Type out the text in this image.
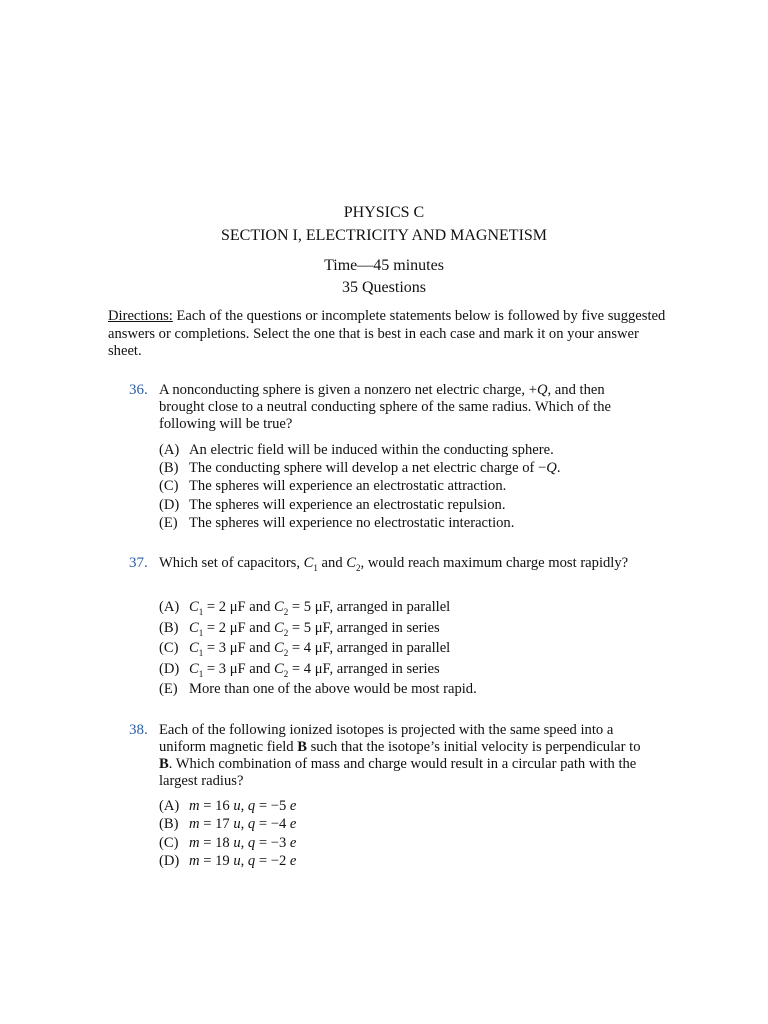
PHYSICS C
SECTION I, ELECTRICITY AND MAGNETISM
Time—45 minutes
35 Questions
Directions: Each of the questions or incomplete statements below is followed by five suggested answers or completions. Select the one that is best in each case and mark it on your answer sheet.
36. A nonconducting sphere is given a nonzero net electric charge, +Q, and then brought close to a neutral conducting sphere of the same radius. Which of the following will be true?
(A) An electric field will be induced within the conducting sphere.
(B) The conducting sphere will develop a net electric charge of −Q.
(C) The spheres will experience an electrostatic attraction.
(D) The spheres will experience an electrostatic repulsion.
(E) The spheres will experience no electrostatic interaction.
37. Which set of capacitors, $C_1$ and $C_2$, would reach maximum charge most rapidly?
(A) $C_1 = 2$ μF and $C_2 = 5$ μF, arranged in parallel
(B) $C_1 = 2$ μF and $C_2 = 5$ μF, arranged in series
(C) $C_1 = 3$ μF and $C_2 = 4$ μF, arranged in parallel
(D) $C_1 = 3$ μF and $C_2 = 4$ μF, arranged in series
(E) More than one of the above would be most rapid.
38. Each of the following ionized isotopes is projected with the same speed into a uniform magnetic field B such that the isotope’s initial velocity is perpendicular to B. Which combination of mass and charge would result in a circular path with the largest radius?
(A) m = 16 u, q = −5 e
(B) m = 17 u, q = −4 e
(C) m = 18 u, q = −3 e
(D) m = 19 u, q = −2 e
